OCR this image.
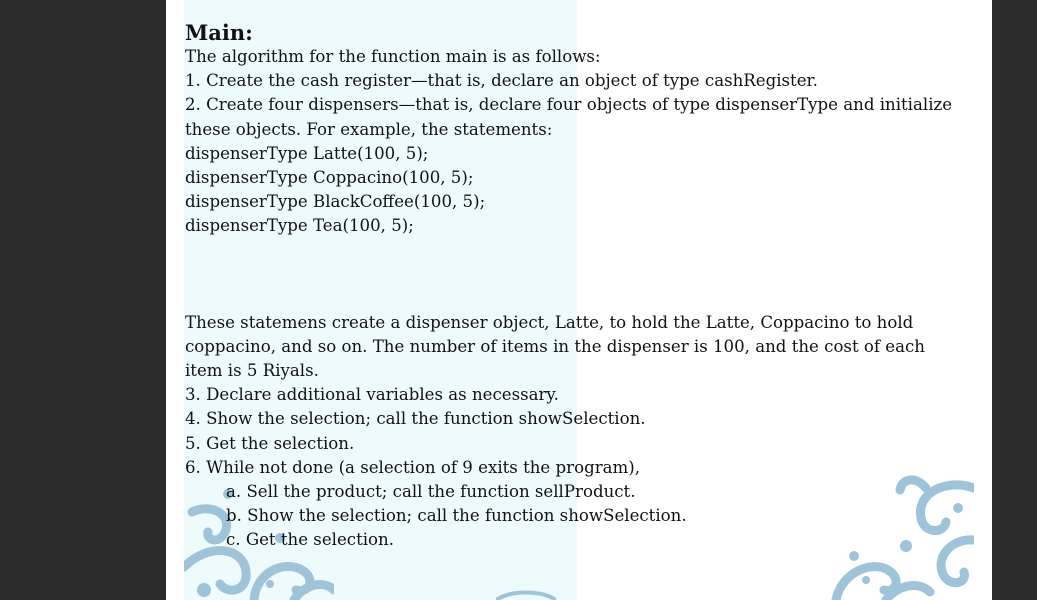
Main:
The algorithm for the function main is as follows:
1. Create the cash register—that is, declare an object of type cashRegister.
2. Create four dispensers—that is, declare four objects of type dispenserType and initialize
these objects. For example, the statements:
dispenserType Latte(100, 5);
dispenserType Coppacino(100, 5);
dispenserType BlackCoffee(100, 5);
dispenserType Tea(100, 5);
These statemens create a dispenser object, Latte, to hold the Latte, Coppacino to hold
coppacino, and so on. The number of items in the dispenser is 100, and the cost of each
item is 5 Riyals.
3. Declare additional variables as necessary.
4. Show the selection; call the function showSelection.
5. Get the selection.
6. While not done (a selection of 9 exits the program),
a. Sell the product; call the function sellProduct.
b. Show the selection; call the function showSelection.
c. Get the selection.
